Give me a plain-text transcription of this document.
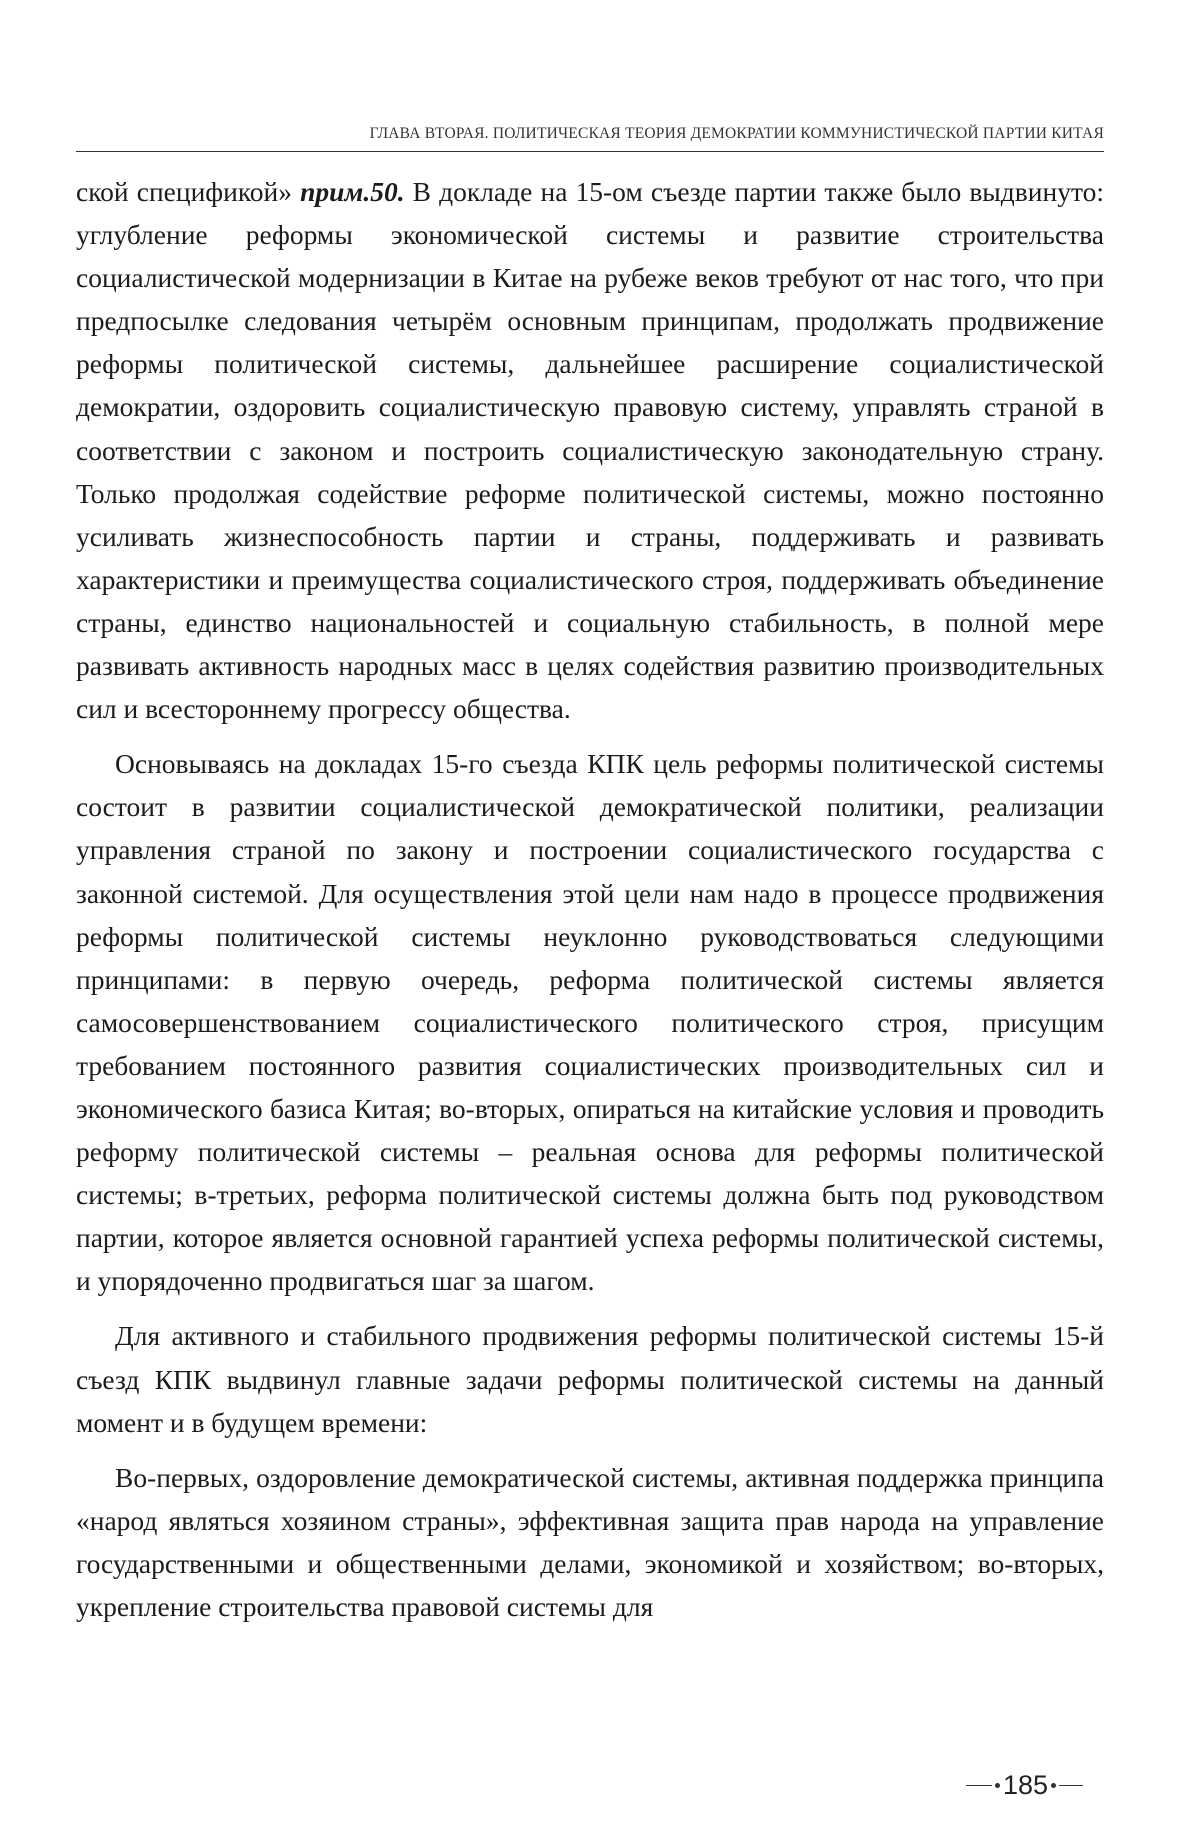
ГЛАВА ВТОРАЯ. ПОЛИТИЧЕСКАЯ ТЕОРИЯ ДЕМОКРАТИИ КОММУНИСТИЧЕСКОЙ ПАРТИИ КИТАЯ

ской спецификой» прим.50. В докладе на 15-ом съезде партии также было выдвинуто: углубление реформы экономической системы и развитие строительства социалистической модернизации в Китае на рубеже веков требуют от нас того, что при предпосылке следования четырём основным принципам, продолжать продвижение реформы политической системы, дальнейшее расширение социалистической демократии, оздоровить социалистическую правовую систему, управлять страной в соответствии с законом и построить социалистическую законодательную страну. Только продолжая содействие реформе политической системы, можно постоянно усиливать жизнеспособность партии и страны, поддерживать и развивать характеристики и преимущества социалистического строя, поддерживать объединение страны, единство национальностей и социальную стабильность, в полной мере развивать активность народных масс в целях содействия развитию производительных сил и всестороннему прогрессу общества.

Основываясь на докладах 15-го съезда КПК цель реформы политической системы состоит в развитии социалистической демократической политики, реализации управления страной по закону и построении социалистического государства с законной системой. Для осуществления этой цели нам надо в процессе продвижения реформы политической системы неуклонно руководствоваться следующими принципами: в первую очередь, реформа политической системы является самосовершенствованием социалистического политического строя, присущим требованием постоянного развития социалистических производительных сил и экономического базиса Китая; во-вторых, опираться на китайские условия и проводить реформу политической системы – реальная основа для реформы политической системы; в-третьих, реформа политической системы должна быть под руководством партии, которое является основной гарантией успеха реформы политической системы, и упорядоченно продвигаться шаг за шагом.

Для активного и стабильного продвижения реформы политической системы 15-й съезд КПК выдвинул главные задачи реформы политической системы на данный момент и в будущем времени:

Во-первых, оздоровление демократической системы, активная поддержка принципа «народ являться хозяином страны», эффективная защита прав народа на управление государственными и общественными делами, экономикой и хозяйством; во-вторых, укрепление строительства правовой системы для

185
